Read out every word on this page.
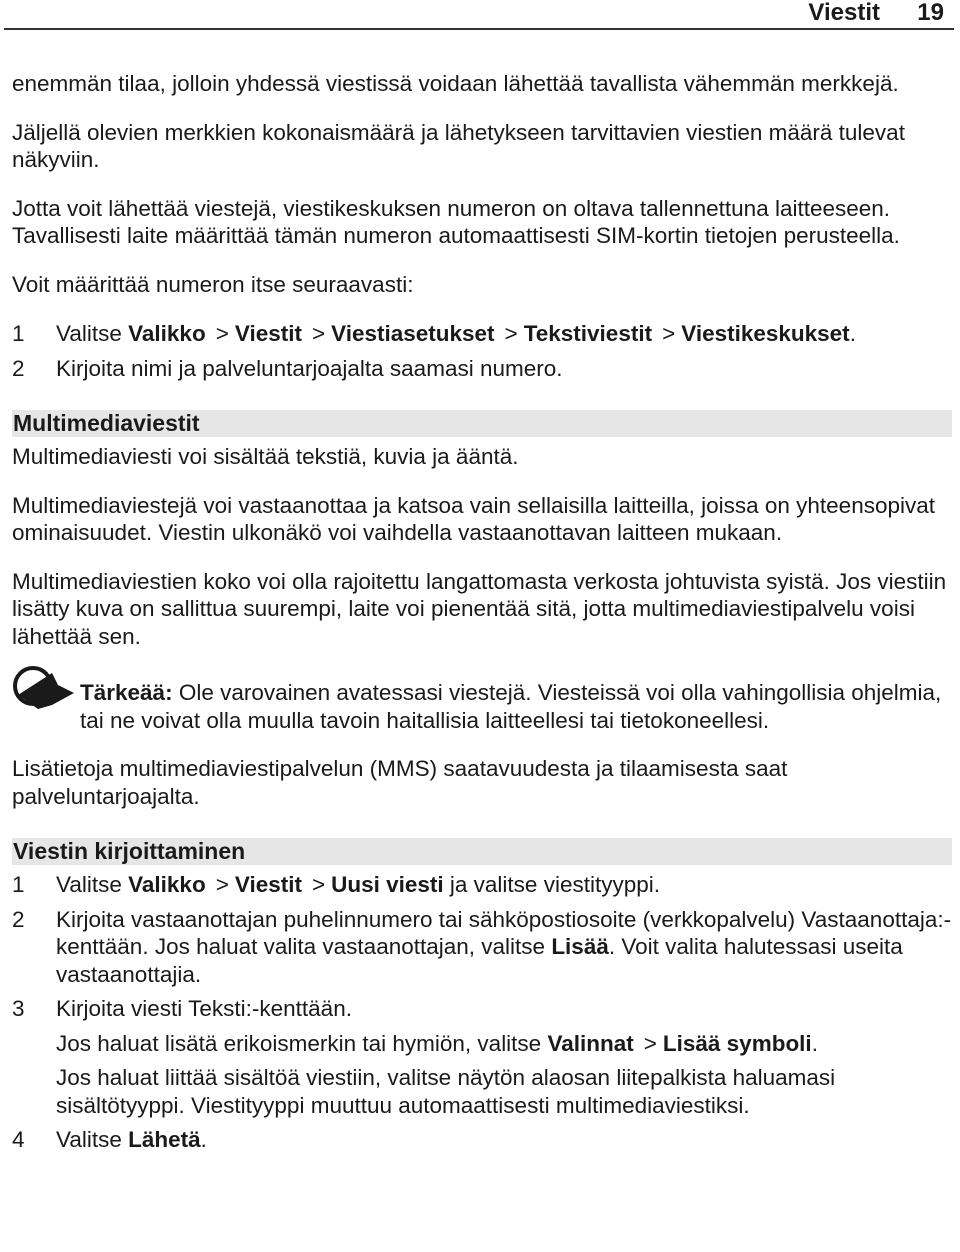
Viestit 19

enemmän tilaa, jolloin yhdessä viestissä voidaan lähettää tavallista vähemmän merkkejä.

Jäljellä olevien merkkien kokonaismäärä ja lähetykseen tarvittavien viestien määrä tulevat näkyviin.

Jotta voit lähettää viestejä, viestikeskuksen numeron on oltava tallennettuna laitteeseen. Tavallisesti laite määrittää tämän numeron automaattisesti SIM-kortin tietojen perusteella.

Voit määrittää numeron itse seuraavasti:

1 Valitse Valikko > Viestit > Viestiasetukset > Tekstiviestit > Viestikeskukset.
2 Kirjoita nimi ja palveluntarjoajalta saamasi numero.
Multimediaviestit

Multimediaviesti voi sisältää tekstiä, kuvia ja ääntä.

Multimediaviestejä voi vastaanottaa ja katsoa vain sellaisilla laitteilla, joissa on yhteensopivat ominaisuudet. Viestin ulkonäkö voi vaihdella vastaanottavan laitteen mukaan.

Multimediaviestien koko voi olla rajoitettu langattomasta verkosta johtuvista syistä. Jos viestiin lisätty kuva on sallittua suurempi, laite voi pienentää sitä, jotta multimediaviestipalvelu voisi lähettää sen.

Tärkeää: Ole varovainen avatessasi viestejä. Viesteissä voi olla vahingollisia ohjelmia, tai ne voivat olla muulla tavoin haitallisia laitteellesi tai tietokoneellesi.

Lisätietoja multimediaviestipalvelun (MMS) saatavuudesta ja tilaamisesta saat palveluntarjoajalta.

Viestin kirjoittaminen
1 Valitse Valikko > Viestit > Uusi viesti ja valitse viestityyppi.
2 Kirjoita vastaanottajan puhelinnumero tai sähköpostiosoite (verkkopalvelu) Vastaanottaja:-kenttään. Jos haluat valita vastaanottajan, valitse Lisää. Voit valita halutessasi useita vastaanottajia.
3 Kirjoita viesti Teksti:-kenttään.
Jos haluat lisätä erikoismerkin tai hymiön, valitse Valinnat > Lisää symboli.
Jos haluat liittää sisältöä viestiin, valitse näytön alaosan liitepalkista haluamasi sisältötyyppi. Viestityyppi muuttuu automaattisesti multimediaviestiksi.
4 Valitse Lähetä.
